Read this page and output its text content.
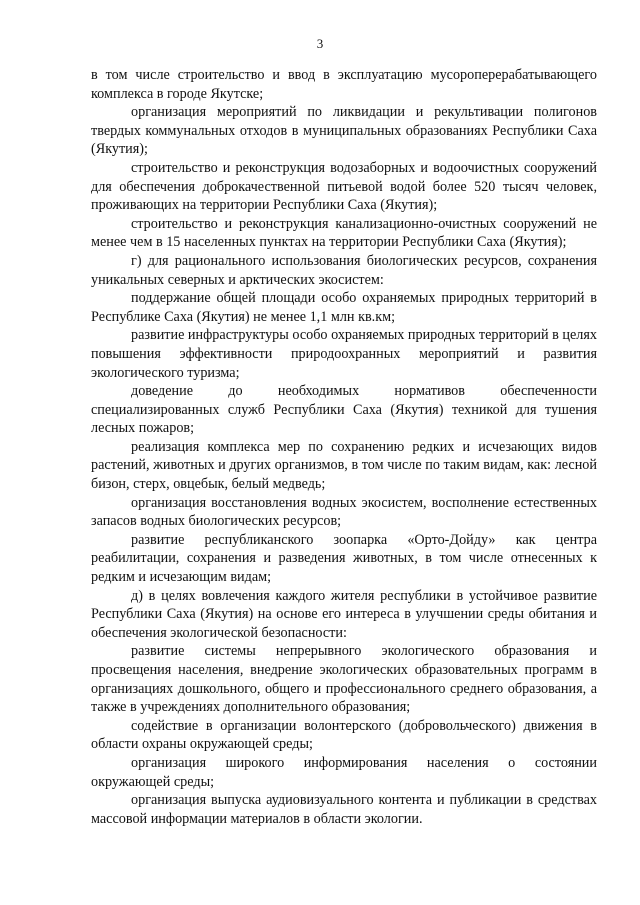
3

в том числе строительство и ввод в эксплуатацию мусороперерабатывающего комплекса в городе Якутске;

организация мероприятий по ликвидации и рекультивации полигонов твердых коммунальных отходов в муниципальных образованиях Республики Саха (Якутия);

строительство и реконструкция водозаборных и водоочистных сооружений для обеспечения доброкачественной питьевой водой более 520 тысяч человек, проживающих на территории Республики Саха (Якутия);

строительство и реконструкция канализационно-очистных сооружений не менее чем в 15 населенных пунктах на территории Республики Саха (Якутия);

г) для рационального использования биологических ресурсов, сохранения уникальных северных и арктических экосистем:

поддержание общей площади особо охраняемых природных территорий в Республике Саха (Якутия) не менее 1,1 млн кв.км;

развитие инфраструктуры особо охраняемых природных территорий в целях повышения эффективности природоохранных мероприятий и развития экологического туризма;

доведение до необходимых нормативов обеспеченности специализированных служб Республики Саха (Якутия) техникой для тушения лесных пожаров;

реализация комплекса мер по сохранению редких и исчезающих видов растений, животных и других организмов, в том числе по таким видам, как: лесной бизон, стерх, овцебык, белый медведь;

организация восстановления водных экосистем, восполнение естественных запасов водных биологических ресурсов;

развитие республиканского зоопарка «Орто-Дойду» как центра реабилитации, сохранения и разведения животных, в том числе отнесенных к редким и исчезающим видам;

д) в целях вовлечения каждого жителя республики в устойчивое развитие Республики Саха (Якутия) на основе его интереса в улучшении среды обитания и обеспечения экологической безопасности:

развитие системы непрерывного экологического образования и просвещения населения, внедрение экологических образовательных программ в организациях дошкольного, общего и профессионального среднего образования, а также в учреждениях дополнительного образования;

содействие в организации волонтерского (добровольческого) движения в области охраны окружающей среды;

организация широкого информирования населения о состоянии окружающей среды;

организация выпуска аудиовизуального контента и публикации в средствах массовой информации материалов в области экологии.
